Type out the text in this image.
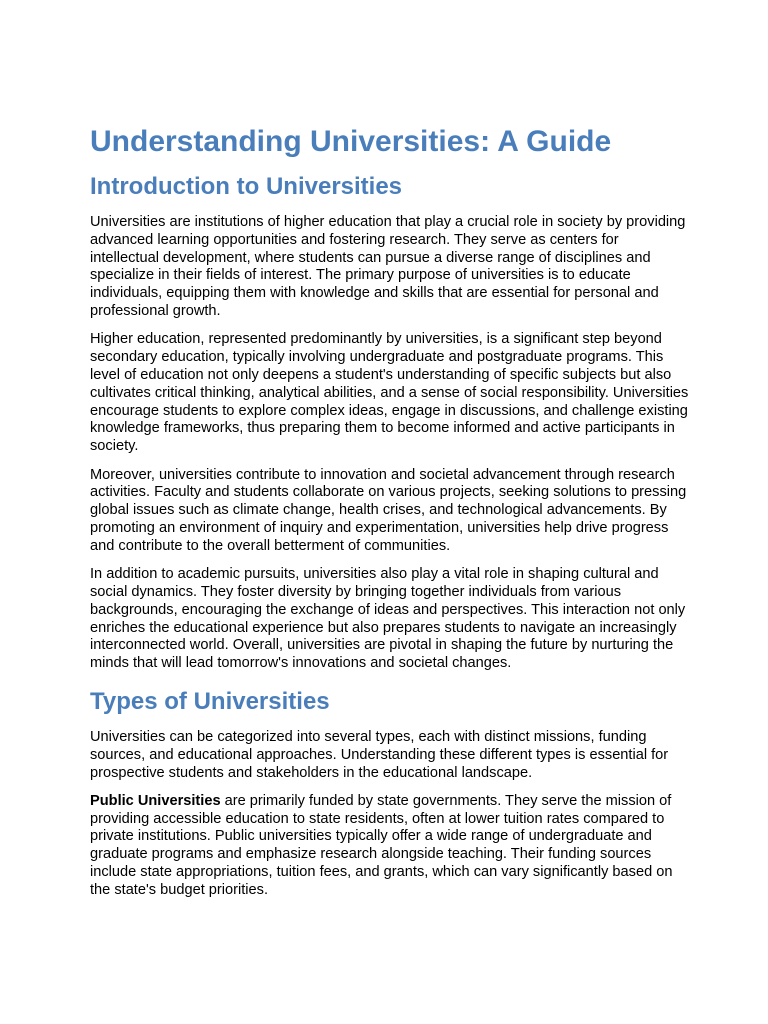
Understanding Universities: A Guide
Introduction to Universities

Universities are institutions of higher education that play a crucial role in society by providing advanced learning opportunities and fostering research. They serve as centers for intellectual development, where students can pursue a diverse range of disciplines and specialize in their fields of interest. The primary purpose of universities is to educate individuals, equipping them with knowledge and skills that are essential for personal and professional growth.

Higher education, represented predominantly by universities, is a significant step beyond secondary education, typically involving undergraduate and postgraduate programs. This level of education not only deepens a student's understanding of specific subjects but also cultivates critical thinking, analytical abilities, and a sense of social responsibility. Universities encourage students to explore complex ideas, engage in discussions, and challenge existing knowledge frameworks, thus preparing them to become informed and active participants in society.

Moreover, universities contribute to innovation and societal advancement through research activities. Faculty and students collaborate on various projects, seeking solutions to pressing global issues such as climate change, health crises, and technological advancements. By promoting an environment of inquiry and experimentation, universities help drive progress and contribute to the overall betterment of communities.

In addition to academic pursuits, universities also play a vital role in shaping cultural and social dynamics. They foster diversity by bringing together individuals from various backgrounds, encouraging the exchange of ideas and perspectives. This interaction not only enriches the educational experience but also prepares students to navigate an increasingly interconnected world. Overall, universities are pivotal in shaping the future by nurturing the minds that will lead tomorrow's innovations and societal changes.

Types of Universities

Universities can be categorized into several types, each with distinct missions, funding sources, and educational approaches. Understanding these different types is essential for prospective students and stakeholders in the educational landscape.

Public Universities are primarily funded by state governments. They serve the mission of providing accessible education to state residents, often at lower tuition rates compared to private institutions. Public universities typically offer a wide range of undergraduate and graduate programs and emphasize research alongside teaching. Their funding sources include state appropriations, tuition fees, and grants, which can vary significantly based on the state's budget priorities.
